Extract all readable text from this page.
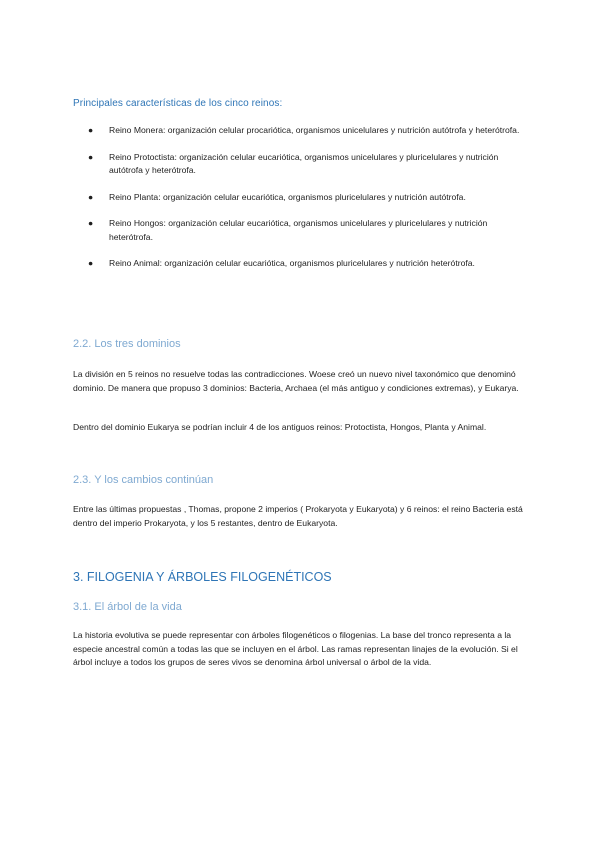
Principales características de los cinco reinos:
● Reino Monera: organización celular procariótica, organismos unicelulares y nutrición autótrofa y heterótrofa.
● Reino Protoctista: organización celular eucariótica, organismos unicelulares y pluricelulares y nutrición autótrofa y heterótrofa.
● Reino Planta: organización celular eucariótica, organismos pluricelulares y nutrición autótrofa.
● Reino Hongos: organización celular eucariótica, organismos unicelulares y pluricelulares y nutrición heterótrofa.
● Reino Animal: organización celular eucariótica, organismos pluricelulares y nutrición heterótrofa.
2.2. Los tres dominios

La división en 5 reinos no resuelve todas las contradicciones. Woese creó un nuevo nivel taxonómico que denominó dominio. De manera que propuso 3 dominios: Bacteria, Archaea (el más antiguo y condiciones extremas), y Eukarya.

Dentro del dominio Eukarya se podrían incluir 4 de los antiguos reinos: Protoctista, Hongos, Planta y Animal.

2.3. Y los cambios continúan

Entre las últimas propuestas , Thomas, propone 2 imperios ( Prokaryota y Eukaryota) y 6 reinos: el reino Bacteria está dentro del imperio Prokaryota, y los 5 restantes, dentro de Eukaryota.

3. FILOGENIA Y ÁRBOLES FILOGENÉTICOS
3.1. El árbol de la vida

La historia evolutiva se puede representar con árboles filogenéticos o filogenias. La base del tronco representa a la especie ancestral común a todas las que se incluyen en el árbol. Las ramas representan linajes de la evolución. Si el árbol incluye a todos los grupos de seres vivos se denomina árbol universal o árbol de la vida.
